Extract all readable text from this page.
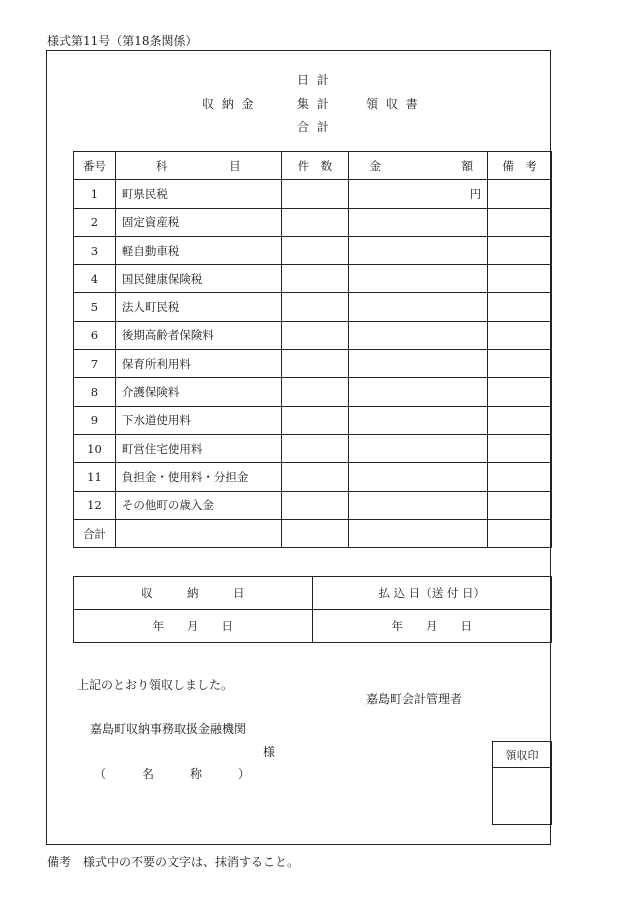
様式第11号（第18条関係）
日 計
収 納 金	集 計	領 収 書
合 計
番号	科 目	件　数	金 額	備　考
1	町県民税		円	
2	固定資産税			
3	軽自動車税			
4	国民健康保険税			
5	法人町民税			
6	後期高齢者保険料			
7	保育所利用料			
8	介護保険料			
9	下水道使用料			
10	町営住宅使用料			
11	負担金・使用料・分担金			
12	その他町の歳入金			
合計				
収　　　納　　　日	払 込 日（送 付 日）
年　　月　　日	年　　月　　日
上記のとおり領収しました。
嘉島町会計管理者
嘉島町収納事務取扱金融機関
様
（　　　名　　　称　　　）
領収印
備考　様式中の不要の文字は、抹消すること。
